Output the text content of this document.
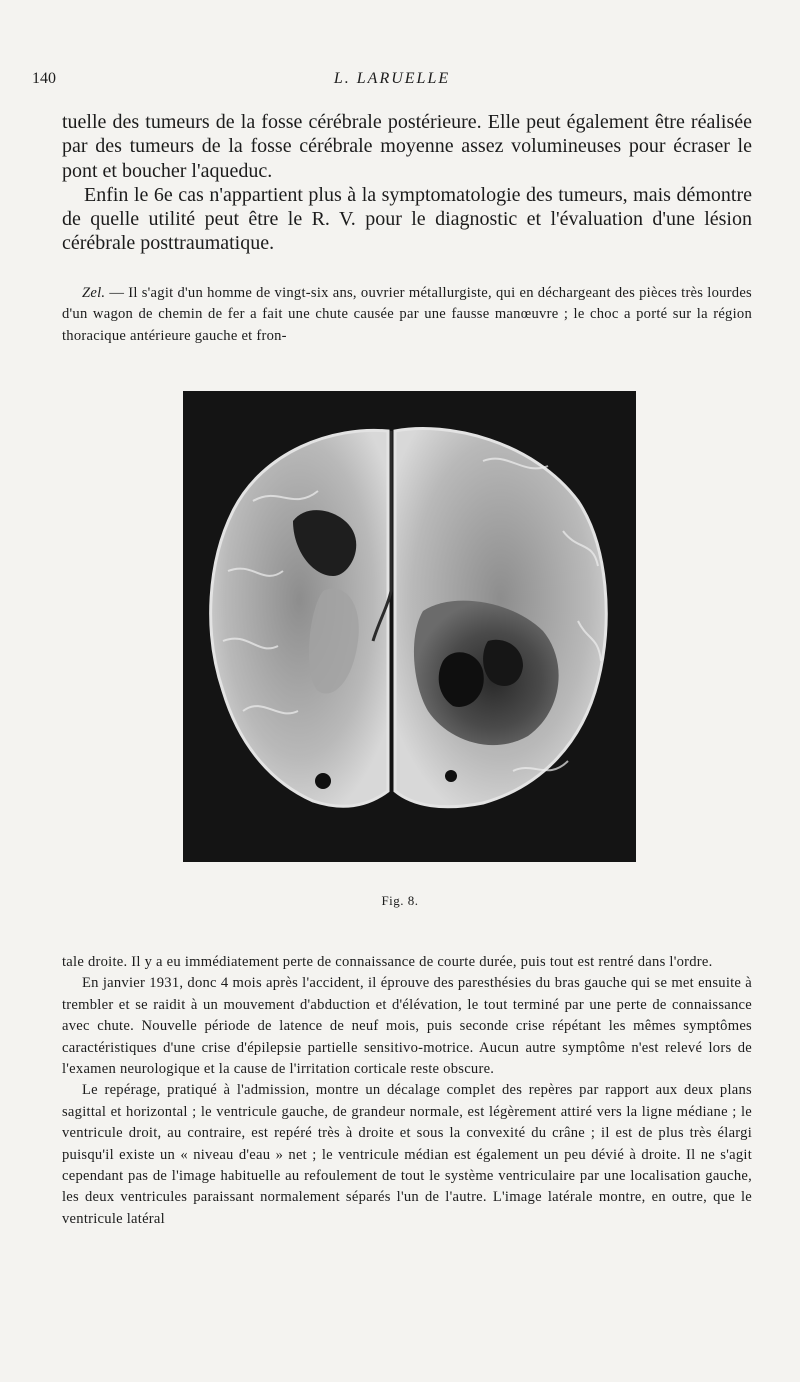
140	L. LARUELLE

tuelle des tumeurs de la fosse cérébrale postérieure. Elle peut également être réalisée par des tumeurs de la fosse cérébrale moyenne assez volumineuses pour écraser le pont et boucher l'aqueduc.

Enfin le 6e cas n'appartient plus à la symptomatologie des tumeurs, mais démontre de quelle utilité peut être le R. V. pour le diagnostic et l'évaluation d'une lésion cérébrale posttraumatique.

Zel. — Il s'agit d'un homme de vingt-six ans, ouvrier métallurgiste, qui en déchargeant des pièces très lourdes d'un wagon de chemin de fer a fait une chute causée par une fausse manœuvre ; le choc a porté sur la région thoracique antérieure gauche et fron-

Fig. 8.

tale droite. Il y a eu immédiatement perte de connaissance de courte durée, puis tout est rentré dans l'ordre.

En janvier 1931, donc 4 mois après l'accident, il éprouve des paresthésies du bras gauche qui se met ensuite à trembler et se raidit à un mouvement d'abduction et d'élévation, le tout terminé par une perte de connaissance avec chute. Nouvelle période de latence de neuf mois, puis seconde crise répétant les mêmes symptômes caractéristiques d'une crise d'épilepsie partielle sensitivo-motrice. Aucun autre symptôme n'est relevé lors de l'examen neurologique et la cause de l'irritation corticale reste obscure.

Le repérage, pratiqué à l'admission, montre un décalage complet des repères par rapport aux deux plans sagittal et horizontal ; le ventricule gauche, de grandeur normale, est légèrement attiré vers la ligne médiane ; le ventricule droit, au contraire, est repéré très à droite et sous la convexité du crâne ; il est de plus très élargi puisqu'il existe un « niveau d'eau » net ; le ventricule médian est également un peu dévié à droite. Il ne s'agit cependant pas de l'image habituelle au refoulement de tout le système ventriculaire par une localisation gauche, les deux ventricules paraissant normalement séparés l'un de l'autre. L'image latérale montre, en outre, que le ventricule latéral
